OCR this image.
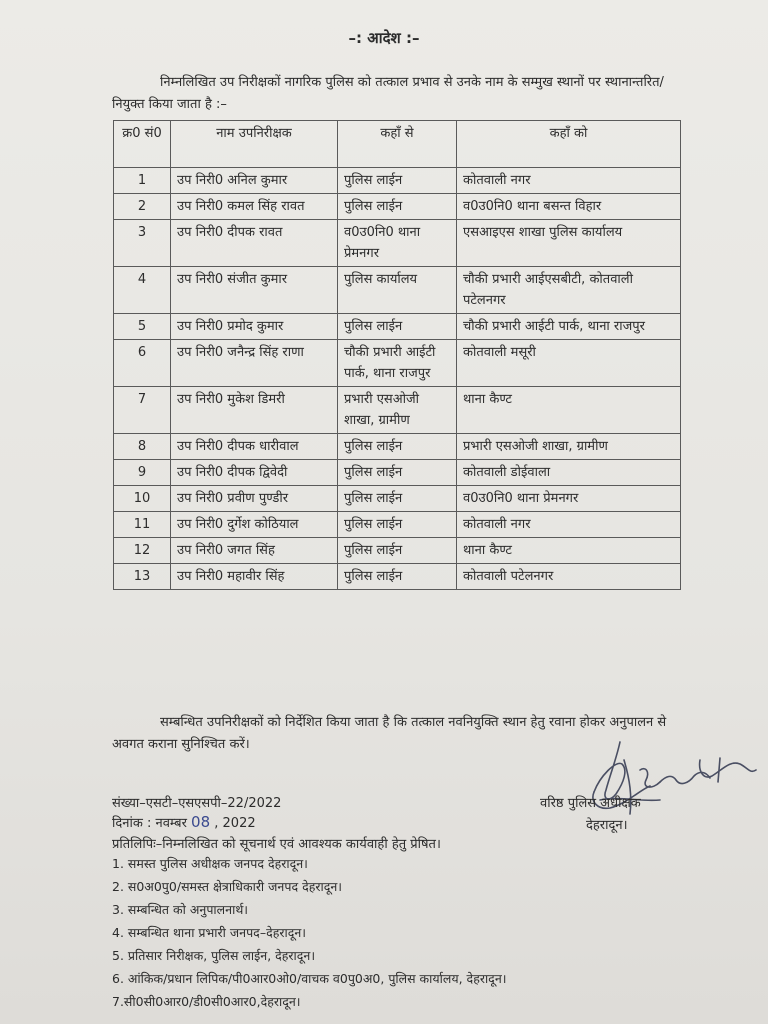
–: आदेश :–
निम्नलिखित उप निरीक्षकों नागरिक पुलिस को तत्काल प्रभाव से उनके नाम के सम्मुख स्थानों पर स्थानान्तरित/नियुक्त किया जाता है :–
क्र0 सं0	नाम उपनिरीक्षक	कहाँ से	कहाँ को
1	उप निरी0 अनिल कुमार	पुलिस लाईन	कोतवाली नगर
2	उप निरी0 कमल सिंह रावत	पुलिस लाईन	व0उ0नि0 थाना बसन्त विहार
3	उप निरी0 दीपक रावत	व0उ0नि0 थाना प्रेमनगर	एसआइएस शाखा पुलिस कार्यालय
4	उप निरी0 संजीत कुमार	पुलिस कार्यालय	चौकी प्रभारी आईएसबीटी, कोतवाली पटेलनगर
5	उप निरी0 प्रमोद कुमार	पुलिस लाईन	चौकी प्रभारी आईटी पार्क, थाना राजपुर
6	उप निरी0 जनैन्द्र सिंह राणा	चौकी प्रभारी आईटी पार्क, थाना राजपुर	कोतवाली मसूरी
7	उप निरी0 मुकेश डिमरी	प्रभारी एसओजी शाखा, ग्रामीण	थाना कैण्ट
8	उप निरी0 दीपक धारीवाल	पुलिस लाईन	प्रभारी एसओजी शाखा, ग्रामीण
9	उप निरी0 दीपक द्विवेदी	पुलिस लाईन	कोतवाली डोईवाला
10	उप निरी0 प्रवीण पुण्डीर	पुलिस लाईन	व0उ0नि0 थाना प्रेमनगर
11	उप निरी0 दुर्गेश कोठियाल	पुलिस लाईन	कोतवाली नगर
12	उप निरी0 जगत सिंह	पुलिस लाईन	थाना कैण्ट
13	उप निरी0 महावीर सिंह	पुलिस लाईन	कोतवाली पटेलनगर
सम्बन्धित उपनिरीक्षकों को निर्देशित किया जाता है कि तत्काल नवनियुक्ति स्थान हेतु रवाना होकर अनुपालन से अवगत कराना सुनिश्चित करें।
संख्या–एसटी–एसएसपी–22/2022
दिनांक : नवम्बर 08 , 2022
वरिष्ठ पुलिस अधीक्षक
देहरादून।
प्रतिलिपिः–निम्नलिखित को सूचनार्थ एवं आवश्यक कार्यवाही हेतु प्रेषित।
1. समस्त पुलिस अधीक्षक जनपद देहरादून।
2. स0अ0पु0/समस्त क्षेत्राधिकारी जनपद देहरादून।
3. सम्बन्धित को अनुपालनार्थ।
4. सम्बन्धित थाना प्रभारी जनपद–देहरादून।
5. प्रतिसार निरीक्षक, पुलिस लाईन, देहरादून।
6. आंकिक/प्रधान लिपिक/पी0आर0ओ0/वाचक व0पु0अ0, पुलिस कार्यालय, देहरादून।
7.सी0सी0आर0/डी0सी0आर0,देहरादून।
